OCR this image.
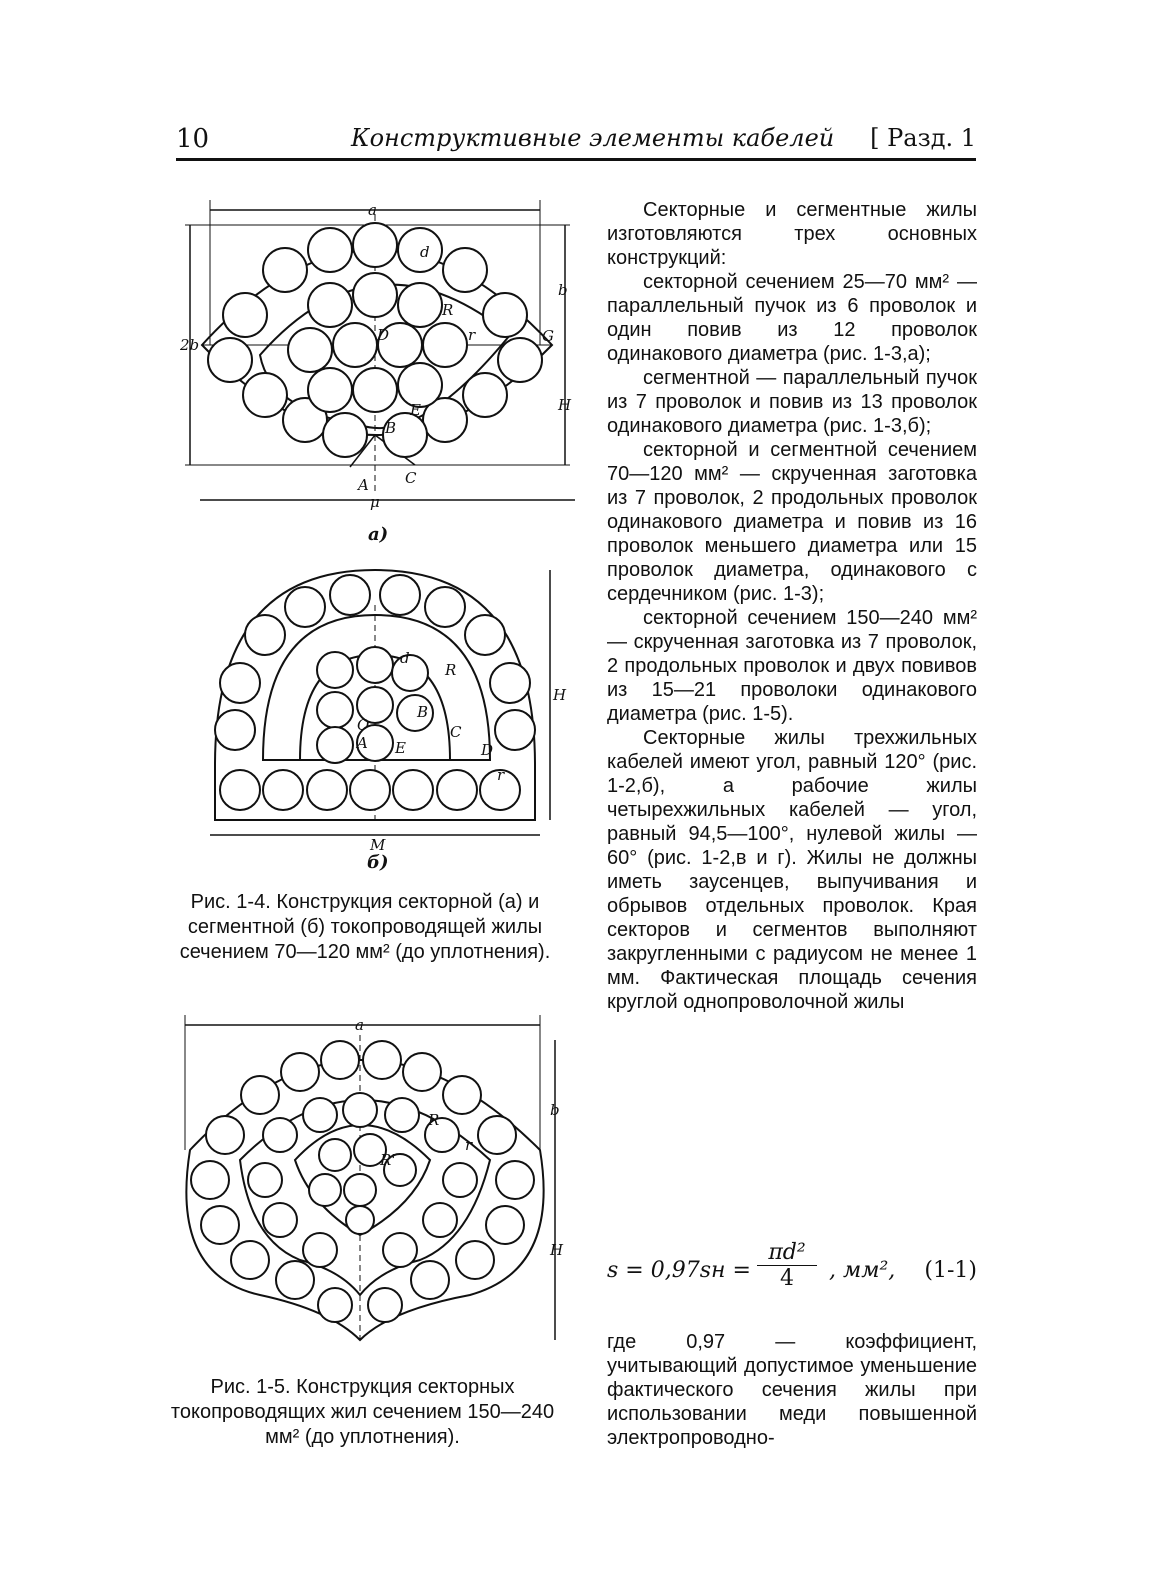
10	Конструктивные элементы кабелей [ Разд. 1
a
2b
b
H
μ
A
B
C
D
E
G
d
R
r
а)
H
M
O
A
B
C
D
E
d
R
r
б)
Рис. 1-4. Конструкция секторной (а) и сегментной (б) токопроводящей жилы сечением 70—120 мм² (до уплотнения).
a
b
H
R
R'
r
Рис. 1-5. Конструкция секторных токопроводящих жил сечением 150—240 мм² (до уплотнения).

Секторные и сегментные жилы изготовляются трех основных конструкций:

секторной сечением 25—70 мм² — параллельный пучок из 6 проволок и один повив из 12 проволок одинакового диаметра (рис. 1-3,а);

сегментной — параллельный пучок из 7 проволок и повив из 13 проволок одинакового диаметра (рис. 1-3,б);

секторной и сегментной сечением 70—120 мм² — скрученная заготовка из 7 проволок, 2 продольных проволок одинакового диаметра и повив из 16 проволок меньшего диаметра или 15 проволок диаметра, одинакового с сердечником (рис. 1-3);

секторной сечением 150—240 мм² — скрученная заготовка из 7 проволок, 2 продольных проволок и двух повивов из 15—21 проволоки одинакового диаметра (рис. 1-5).

Секторные жилы трехжильных кабелей имеют угол, равный 120° (рис. 1-2,б), а рабочие жилы четырехжильных кабелей — угол, равный 94,5—100°, нулевой жилы — 60° (рис. 1-2,в и г). Жилы не должны иметь заусенцев, выпучивания и обрывов отдельных проволок. Края секторов и сегментов выполняют закругленными с радиусом не менее 1 мм. Фактическая площадь сечения круглой однопроволочной жилы

$s = 0,97sн = \frac{\text{πd²}}{4}$ , мм², (1-1)

где 0,97 — коэффициент, учитывающий допустимое уменьшение фактического сечения жилы при использовании меди повышенной электропроводно-
